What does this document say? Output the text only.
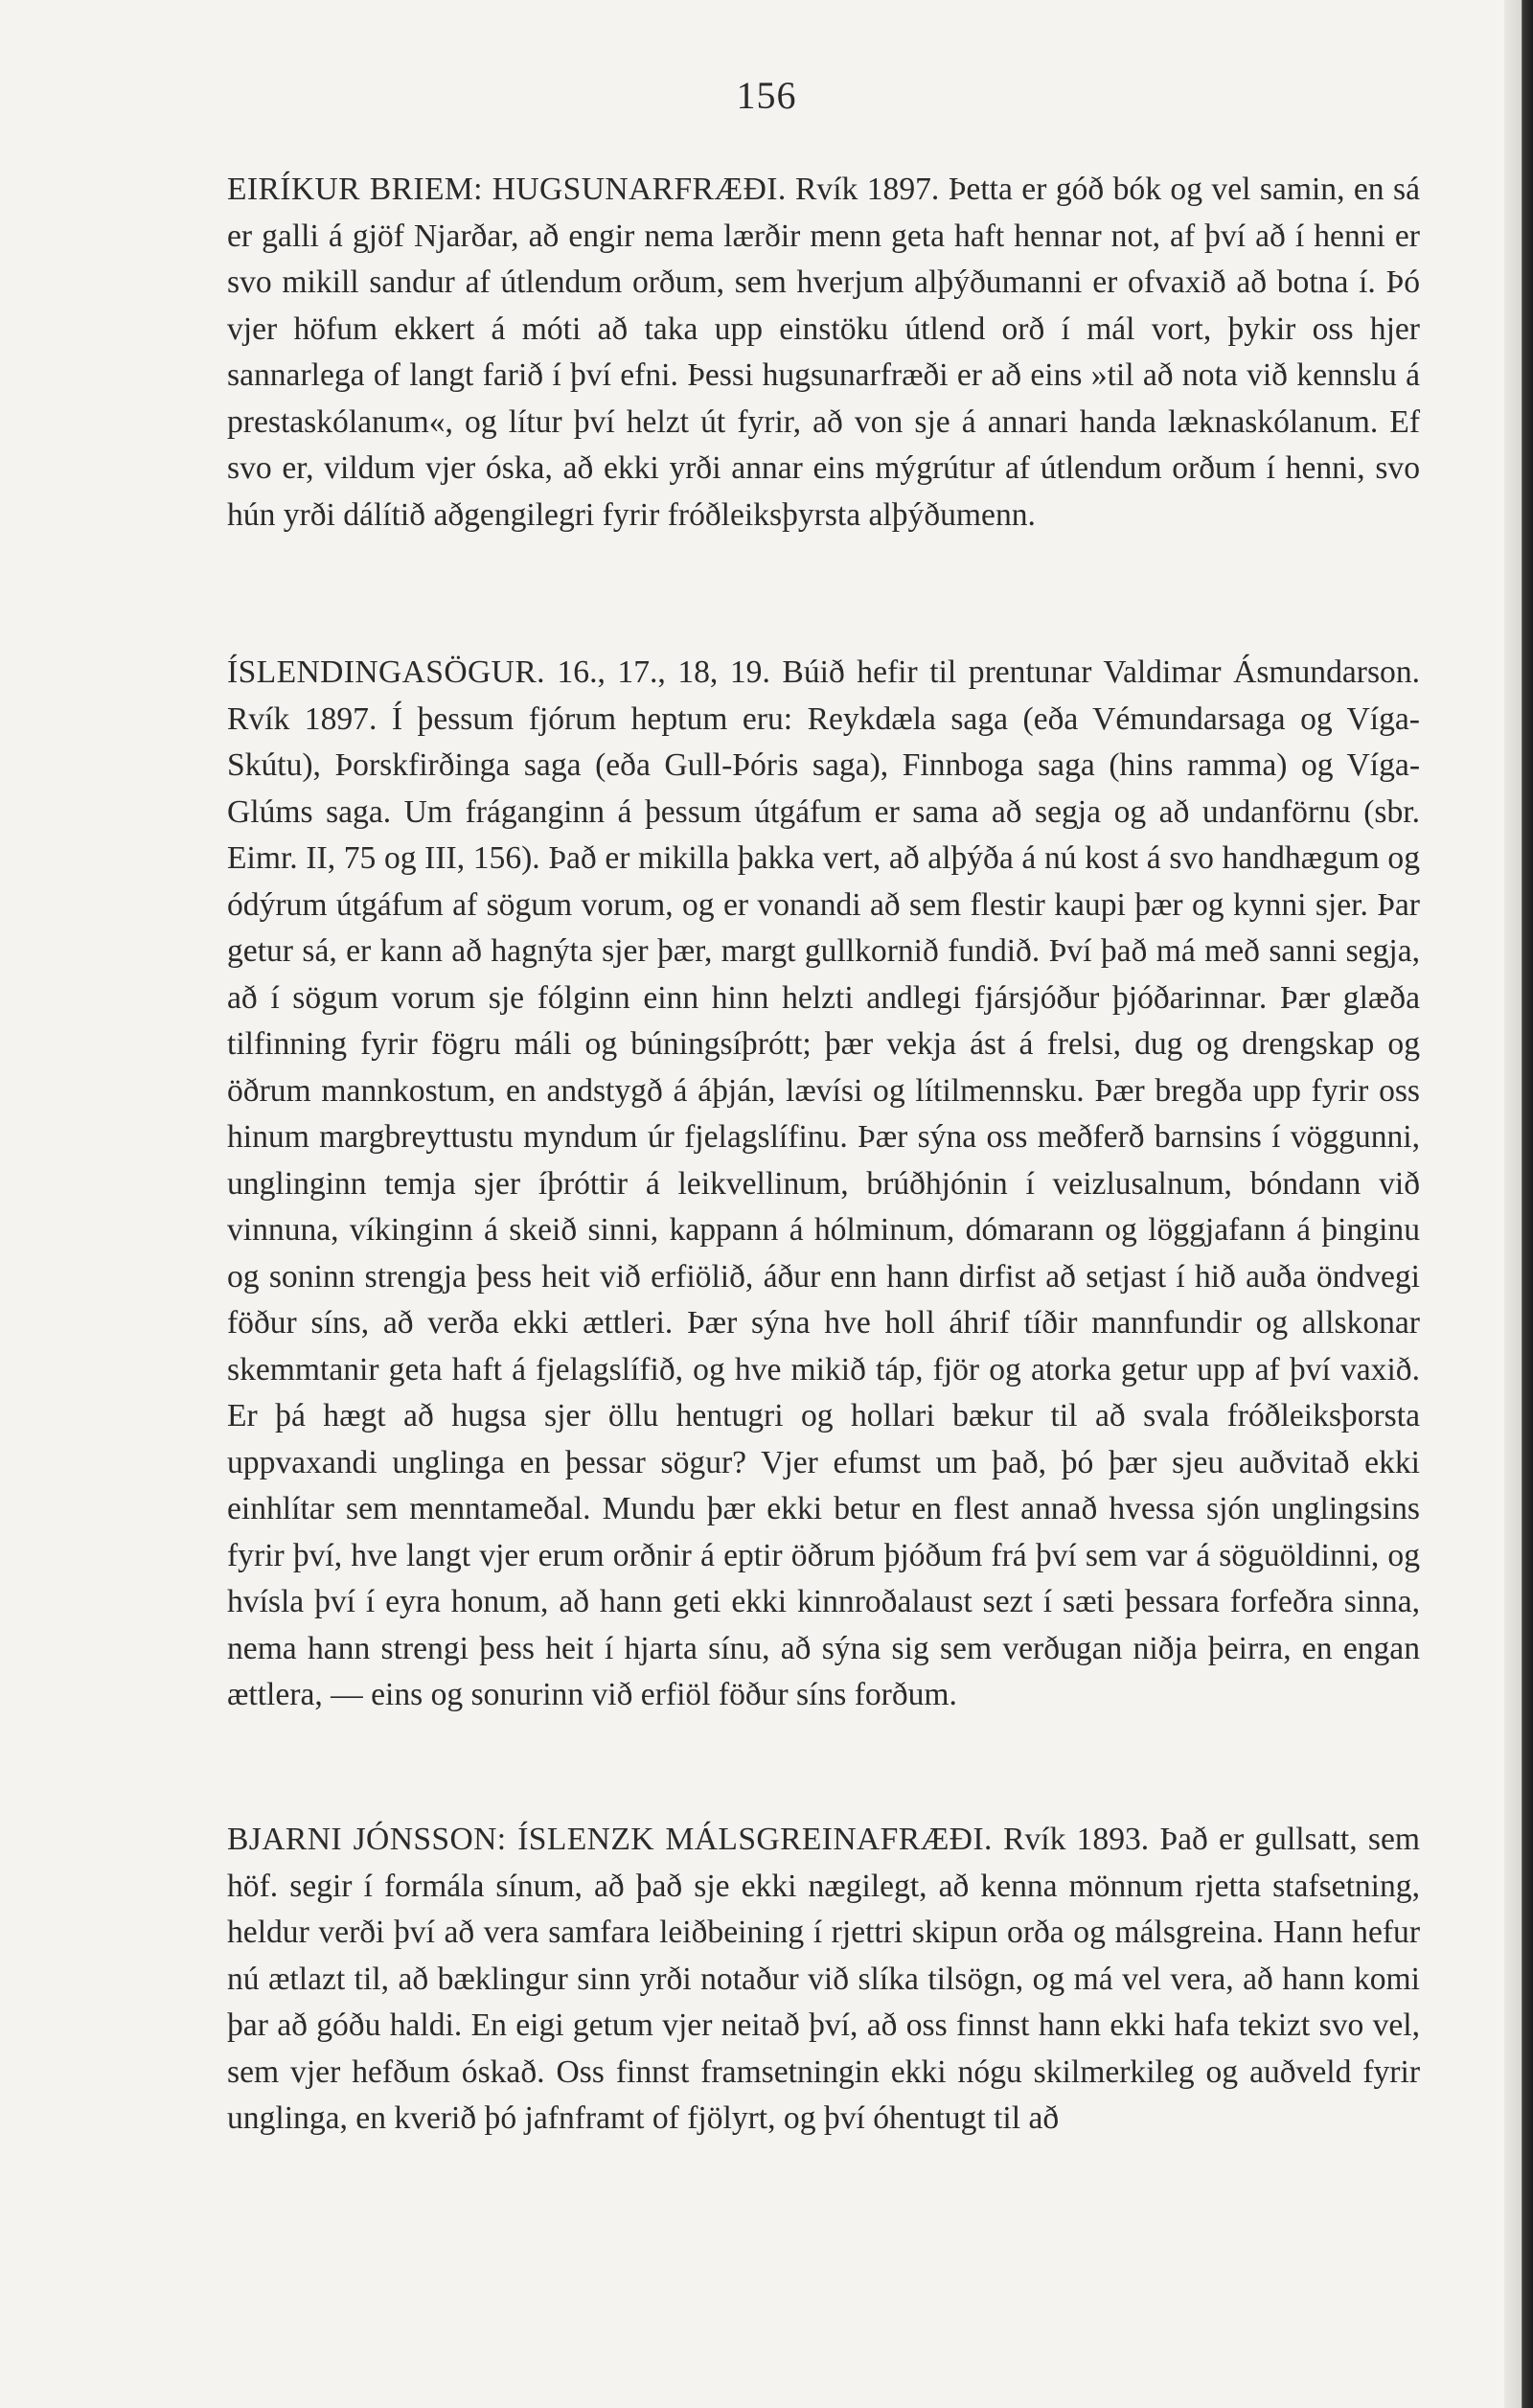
156

EIRÍKUR BRIEM: HUGSUNARFRÆÐI. Rvík 1897. Þetta er góð bók og vel samin, en sá er galli á gjöf Njarðar, að engir nema lærðir menn geta haft hennar not, af því að í henni er svo mikill sandur af útlendum orðum, sem hverjum alþýðumanni er ofvaxið að botna í. Þó vjer höfum ekkert á móti að taka upp einstöku útlend orð í mál vort, þykir oss hjer sannarlega of langt farið í því efni. Þessi hugsunarfræði er að eins »til að nota við kennslu á prestaskólanum«, og lítur því helzt út fyrir, að von sje á annari handa læknaskólanum. Ef svo er, vildum vjer óska, að ekki yrði annar eins mýgrútur af útlendum orðum í henni, svo hún yrði dálítið aðgengilegri fyrir fróðleiksþyrsta alþýðumenn.

ÍSLENDINGASÖGUR. 16., 17., 18, 19. Búið hefir til prentunar Valdimar Ásmundarson. Rvík 1897. Í þessum fjórum heptum eru: Reykdæla saga (eða Vémundarsaga og Víga-Skútu), Þorskfirðinga saga (eða Gull-Þóris saga), Finnboga saga (hins ramma) og Víga-Glúms saga. Um fráganginn á þessum útgáfum er sama að segja og að undanförnu (sbr. Eimr. II, 75 og III, 156). Það er mikilla þakka vert, að alþýða á nú kost á svo handhægum og ódýrum útgáfum af sögum vorum, og er vonandi að sem flestir kaupi þær og kynni sjer. Þar getur sá, er kann að hagnýta sjer þær, margt gullkornið fundið. Því það má með sanni segja, að í sögum vorum sje fólginn einn hinn helzti andlegi fjársjóður þjóðarinnar. Þær glæða tilfinning fyrir fögru máli og búningsíþrótt; þær vekja ást á frelsi, dug og drengskap og öðrum mannkostum, en andstygð á áþján, lævísi og lítilmennsku. Þær bregða upp fyrir oss hinum margbreyttustu myndum úr fjelagslífinu. Þær sýna oss meðferð barnsins í vöggunni, unglinginn temja sjer íþróttir á leikvellinum, brúðhjónin í veizlusalnum, bóndann við vinnuna, víkinginn á skeið sinni, kappann á hólminum, dómarann og löggjafann á þinginu og soninn strengja þess heit við erfiölið, áður enn hann dirfist að setjast í hið auða öndvegi föður síns, að verða ekki ættleri. Þær sýna hve holl áhrif tíðir mannfundir og allskonar skemmtanir geta haft á fjelagslífið, og hve mikið táp, fjör og atorka getur upp af því vaxið. Er þá hægt að hugsa sjer öllu hentugri og hollari bækur til að svala fróðleiksþorsta uppvaxandi unglinga en þessar sögur? Vjer efumst um það, þó þær sjeu auðvitað ekki einhlítar sem menntameðal. Mundu þær ekki betur en flest annað hvessa sjón unglingsins fyrir því, hve langt vjer erum orðnir á eptir öðrum þjóðum frá því sem var á söguöldinni, og hvísla því í eyra honum, að hann geti ekki kinnroðalaust sezt í sæti þessara forfeðra sinna, nema hann strengi þess heit í hjarta sínu, að sýna sig sem verðugan niðja þeirra, en engan ættlera, — eins og sonurinn við erfiöl föður síns forðum.

BJARNI JÓNSSON: ÍSLENZK MÁLSGREINAFRÆÐI. Rvík 1893. Það er gullsatt, sem höf. segir í formála sínum, að það sje ekki nægilegt, að kenna mönnum rjetta stafsetning, heldur verði því að vera samfara leiðbeining í rjettri skipun orða og málsgreina. Hann hefur nú ætlazt til, að bæklingur sinn yrði notaður við slíka tilsögn, og má vel vera, að hann komi þar að góðu haldi. En eigi getum vjer neitað því, að oss finnst hann ekki hafa tekizt svo vel, sem vjer hefðum óskað. Oss finnst framsetningin ekki nógu skilmerkileg og auðveld fyrir unglinga, en kverið þó jafnframt of fjölyrt, og því óhentugt til að
